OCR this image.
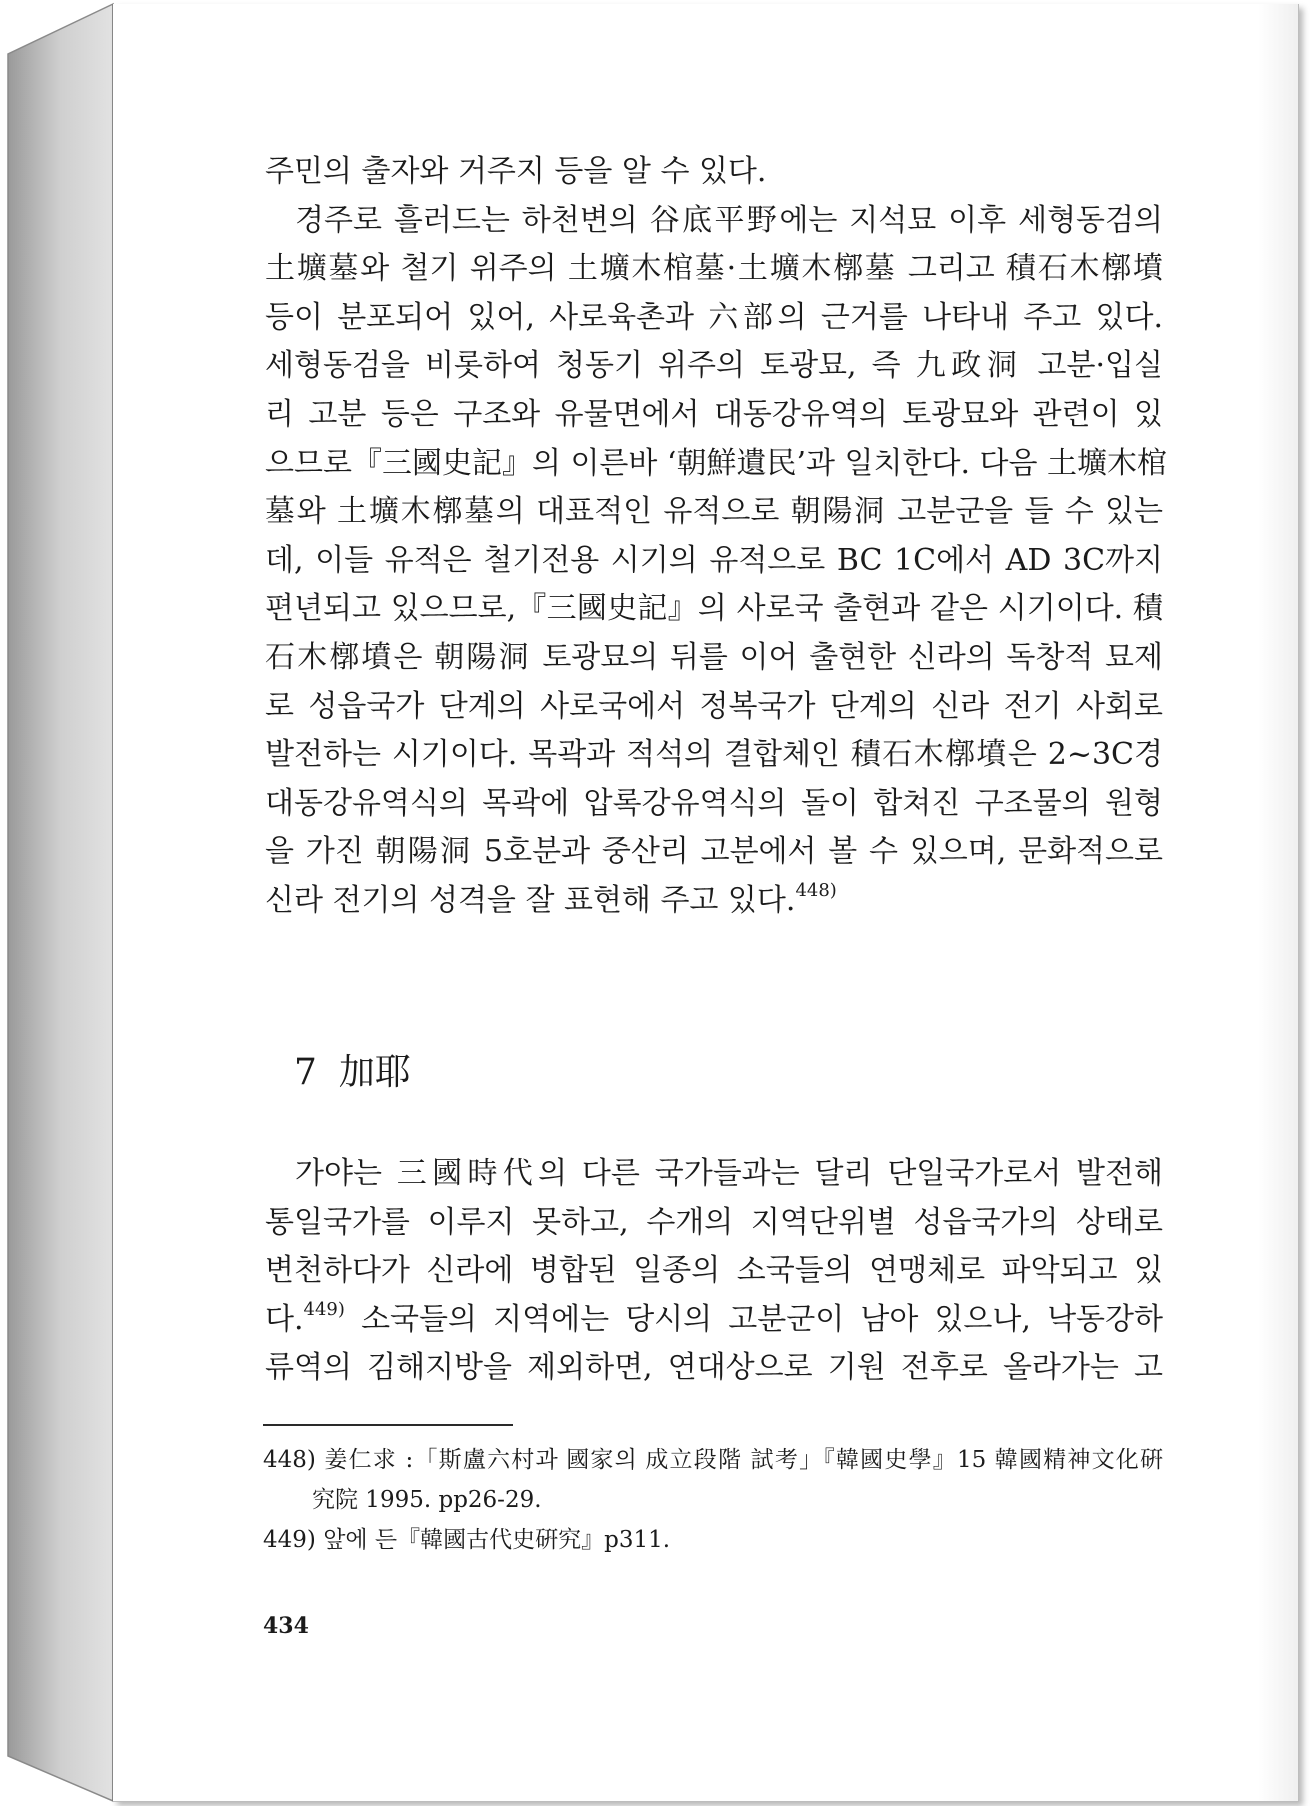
주민의 출자와 거주지 등을 알 수 있다.
경주로 흘러드는 하천변의 谷底平野에는 지석묘 이후 세형동검의
土壙墓와 철기 위주의 土壙木棺墓·土壙木槨墓 그리고 積石木槨墳
등이 분포되어 있어, 사로육촌과 六部의 근거를 나타내 주고 있다.
세형동검을 비롯하여 청동기 위주의 토광묘, 즉 九政洞 고분·입실
리 고분 등은 구조와 유물면에서 대동강유역의 토광묘와 관련이 있
으므로『三國史記』의 이른바 ‘朝鮮遺民’과 일치한다. 다음 土壙木棺
墓와 土壙木槨墓의 대표적인 유적으로 朝陽洞 고분군을 들 수 있는
데, 이들 유적은 철기전용 시기의 유적으로 BC 1C에서 AD 3C까지
편년되고 있으므로,『三國史記』의 사로국 출현과 같은 시기이다. 積
石木槨墳은 朝陽洞 토광묘의 뒤를 이어 출현한 신라의 독창적 묘제
로 성읍국가 단계의 사로국에서 정복국가 단계의 신라 전기 사회로
발전하는 시기이다. 목곽과 적석의 결합체인 積石木槨墳은 2~3C경
대동강유역식의 목곽에 압록강유역식의 돌이 합쳐진 구조물의 원형
을 가진 朝陽洞 5호분과 중산리 고분에서 볼 수 있으며, 문화적으로
신라 전기의 성격을 잘 표현해 주고 있다.$^{448)}$
7 加耶
가야는 三國時代의 다른 국가들과는 달리 단일국가로서 발전해
통일국가를 이루지 못하고, 수개의 지역단위별 성읍국가의 상태로
변천하다가 신라에 병합된 일종의 소국들의 연맹체로 파악되고 있
다.$^{449)}$ 소국들의 지역에는 당시의 고분군이 남아 있으나, 낙동강하
류역의 김해지방을 제외하면, 연대상으로 기원 전후로 올라가는 고
448) 姜仁求 :「斯盧六村과 國家의 成立段階 試考」『韓國史學』15 韓國精神文化硏
究院 1995. pp26-29.
449) 앞에 든『韓國古代史硏究』p311.
434
